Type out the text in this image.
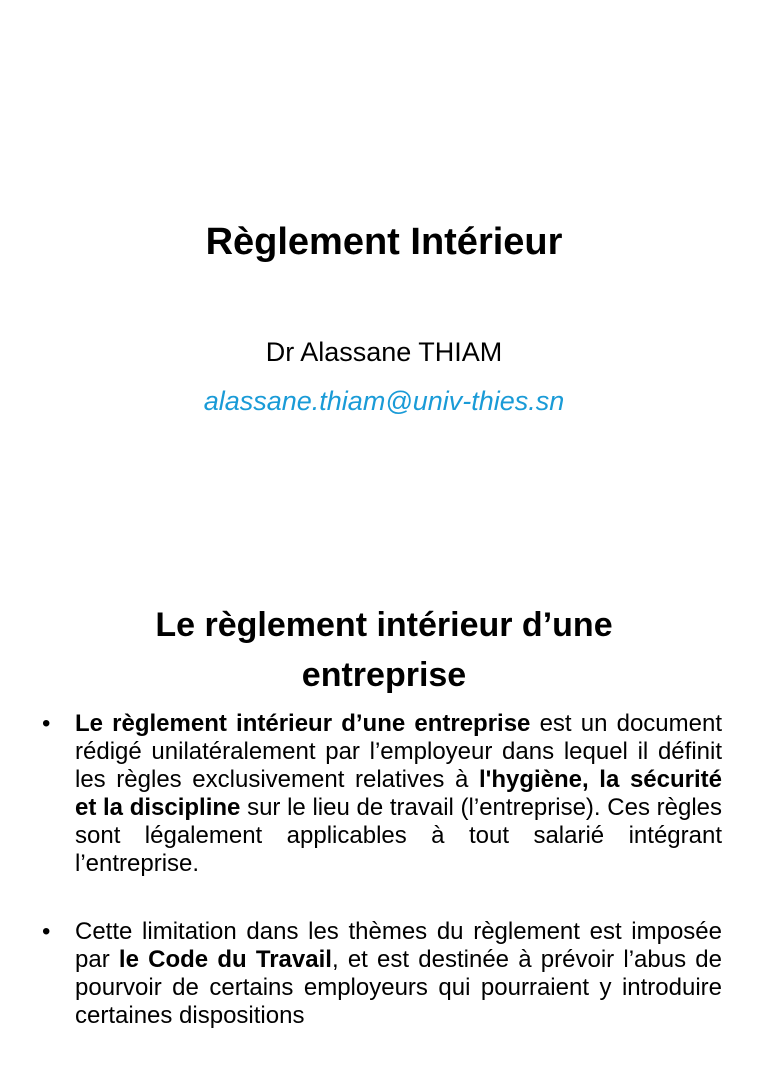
Règlement Intérieur
Dr Alassane THIAM
alassane.thiam@univ-thies.sn
Le règlement intérieur d’une entreprise
• Le règlement intérieur d’une entreprise est un document rédigé unilatéralement par l’employeur dans lequel il définit les règles exclusivement relatives à l'hygiène, la sécurité et la discipline sur le lieu de travail (l’entreprise). Ces règles sont légalement applicables à tout salarié intégrant l’entreprise.
• Cette limitation dans les thèmes du règlement est imposée par le Code du Travail, et est destinée à prévoir l’abus de pourvoir de certains employeurs qui pourraient y introduire certaines dispositions
